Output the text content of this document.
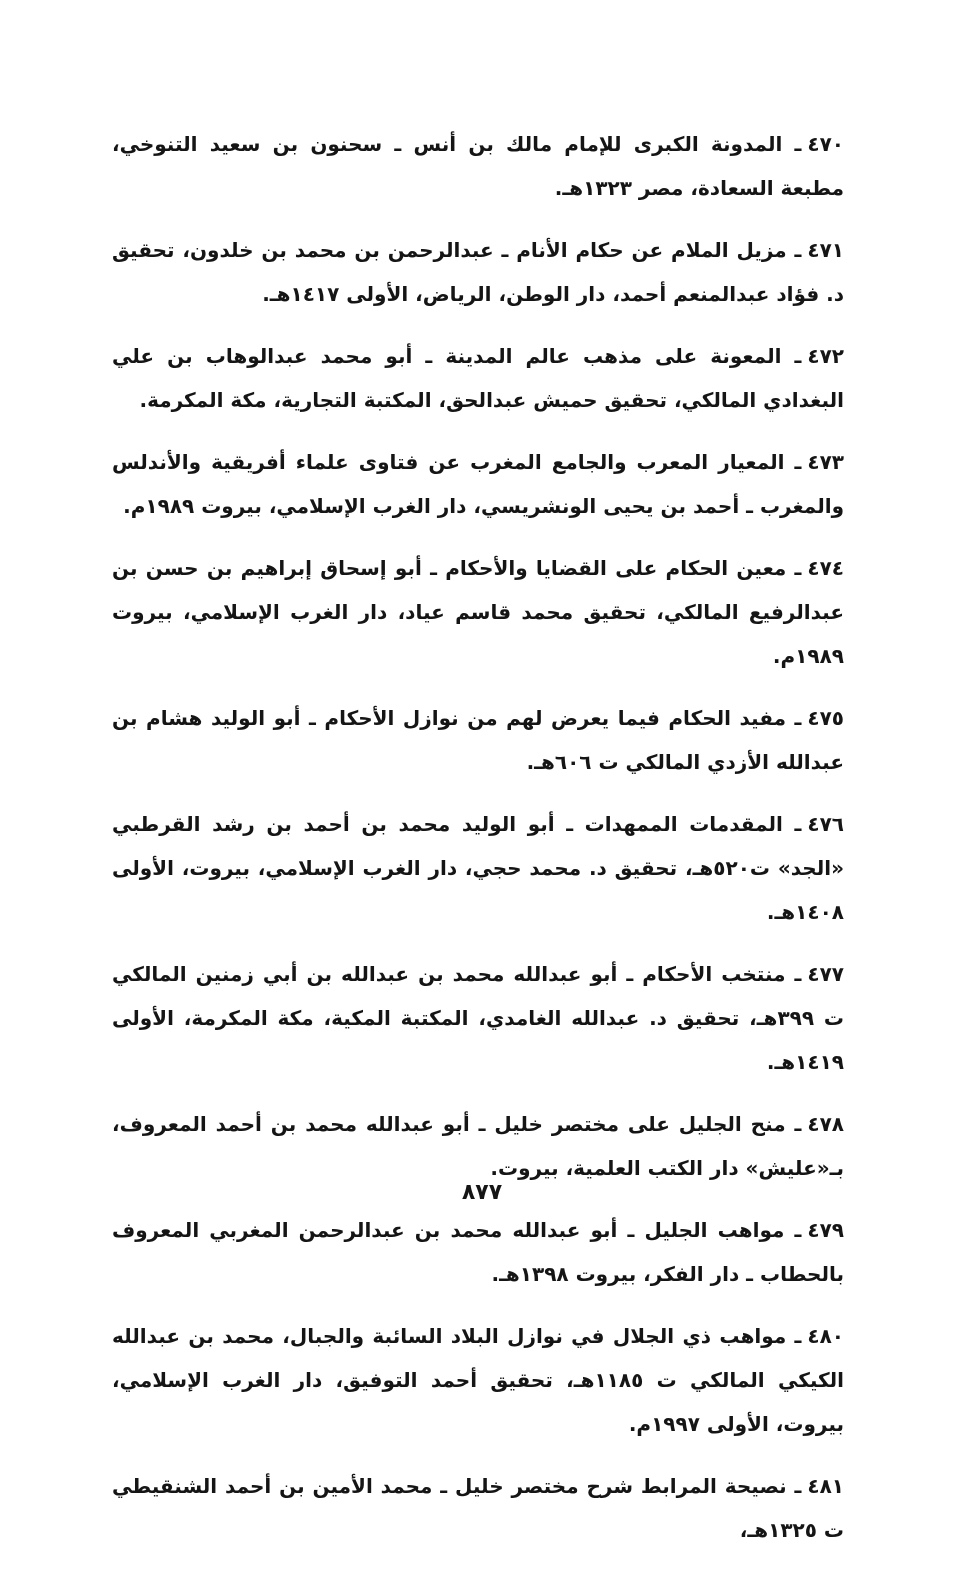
٤٧٠ـ المدونة الكبرى للإمام مالك بن أنس ـ سحنون بن سعيد التنوخي، مطبعة السعادة، مصر ١٣٢٣هـ.

٤٧١ـ مزيل الملام عن حكام الأنام ـ عبدالرحمن بن محمد بن خلدون، تحقيق د. فؤاد عبدالمنعم أحمد، دار الوطن، الرياض، الأولى ١٤١٧هـ.

٤٧٢ـ المعونة على مذهب عالم المدينة ـ أبو محمد عبدالوهاب بن علي البغدادي المالكي، تحقيق حميش عبدالحق، المكتبة التجارية، مكة المكرمة.

٤٧٣ـ المعيار المعرب والجامع المغرب عن فتاوى علماء أفريقية والأندلس والمغرب ـ أحمد بن يحيى الونشريسي، دار الغرب الإسلامي، بيروت ١٩٨٩م.

٤٧٤ـ معين الحكام على القضايا والأحكام ـ أبو إسحاق إبراهيم بن حسن بن عبدالرفيع المالكي، تحقيق محمد قاسم عياد، دار الغرب الإسلامي، بيروت ١٩٨٩م.

٤٧٥ـ مفيد الحكام فيما يعرض لهم من نوازل الأحكام ـ أبو الوليد هشام بن عبدالله الأزدي المالكي ت ٦٠٦هـ.

٤٧٦ـ المقدمات الممهدات ـ أبو الوليد محمد بن أحمد بن رشد القرطبي «الجد» ت٥٢٠هـ، تحقيق د. محمد حجي، دار الغرب الإسلامي، بيروت، الأولى ١٤٠٨هـ.

٤٧٧ـ منتخب الأحكام ـ أبو عبدالله محمد بن عبدالله بن أبي زمنين المالكي ت ٣٩٩هـ، تحقيق د. عبدالله الغامدي، المكتبة المكية، مكة المكرمة، الأولى ١٤١٩هـ.

٤٧٨ـ منح الجليل على مختصر خليل ـ أبو عبدالله محمد بن أحمد المعروف، بـ«عليش» دار الكتب العلمية، بيروت.

٤٧٩ـ مواهب الجليل ـ أبو عبدالله محمد بن عبدالرحمن المغربي المعروف بالحطاب ـ دار الفكر، بيروت ١٣٩٨هـ.

٤٨٠ـ مواهب ذي الجلال في نوازل البلاد السائبة والجبال، محمد بن عبدالله الكيكي المالكي ت ١١٨٥هـ، تحقيق أحمد التوفيق، دار الغرب الإسلامي، بيروت، الأولى ١٩٩٧م.

٤٨١ـ نصيحة المرابط شرح مختصر خليل ـ محمد الأمين بن أحمد الشنقيطي ت ١٣٢٥هـ،

٨٧٧
